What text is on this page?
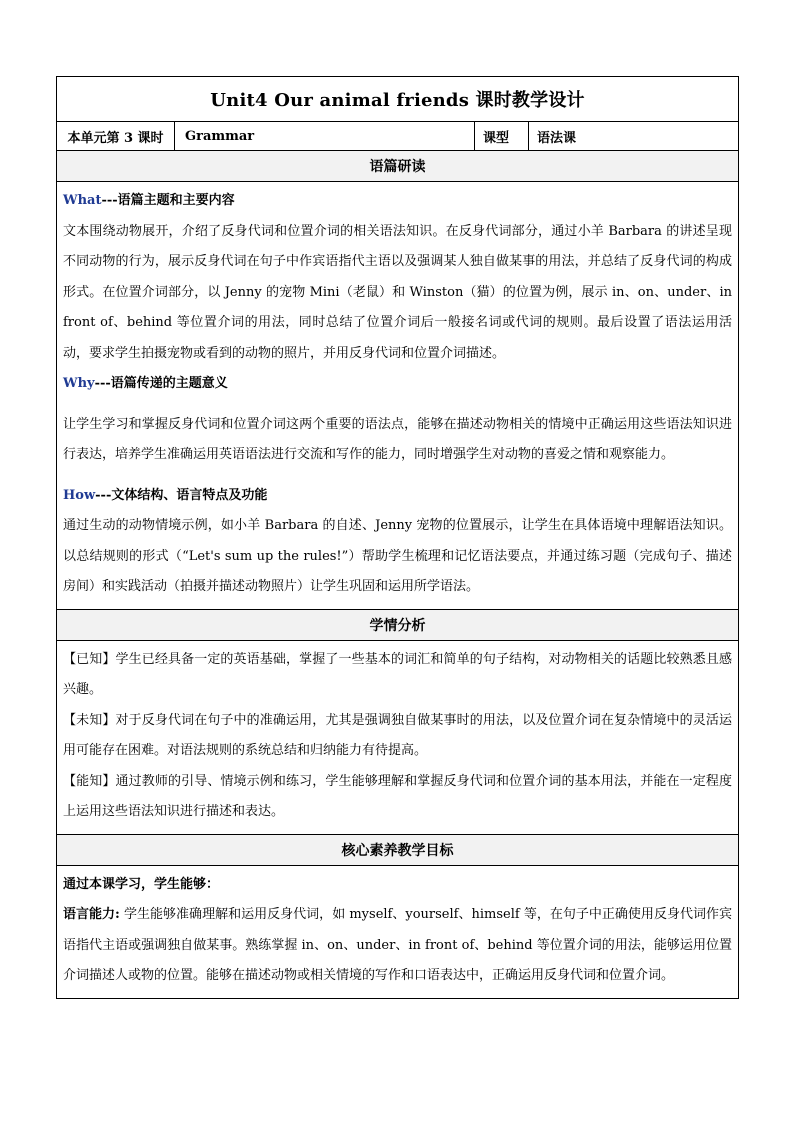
Unit4 Our animal friends 课时教学设计
本单元第 3 课时	Grammar	课型	语法课
语篇研读

What---语篇主题和主要内容

文本围绕动物展开，介绍了反身代词和位置介词的相关语法知识。在反身代词部分，通过小羊 Barbara 的讲述呈现不同动物的行为，展示反身代词在句子中作宾语指代主语以及强调某人独自做某事的用法，并总结了反身代词的构成形式。在位置介词部分，以 Jenny 的宠物 Mini（老鼠）和 Winston（猫）的位置为例，展示 in、on、under、in front of、behind 等位置介词的用法，同时总结了位置介词后一般接名词或代词的规则。最后设置了语法运用活动，要求学生拍摄宠物或看到的动物的照片，并用反身代词和位置介词描述。

Why---语篇传递的主题意义

让学生学习和掌握反身代词和位置介词这两个重要的语法点，能够在描述动物相关的情境中正确运用这些语法知识进行表达，培养学生准确运用英语语法进行交流和写作的能力，同时增强学生对动物的喜爱之情和观察能力。

How---文体结构、语言特点及功能

通过生动的动物情境示例，如小羊 Barbara 的自述、Jenny 宠物的位置展示，让学生在具体语境中理解语法知识。以总结规则的形式（“Let's sum up the rules!”）帮助学生梳理和记忆语法要点，并通过练习题（完成句子、描述房间）和实践活动（拍摄并描述动物照片）让学生巩固和运用所学语法。

学情分析

【已知】学生已经具备一定的英语基础，掌握了一些基本的词汇和简单的句子结构，对动物相关的话题比较熟悉且感兴趣。

【未知】对于反身代词在句子中的准确运用，尤其是强调独自做某事时的用法，以及位置介词在复杂情境中的灵活运用可能存在困难。对语法规则的系统总结和归纳能力有待提高。

【能知】通过教师的引导、情境示例和练习，学生能够理解和掌握反身代词和位置介词的基本用法，并能在一定程度上运用这些语法知识进行描述和表达。

核心素养教学目标

通过本课学习，学生能够：

语言能力: 学生能够准确理解和运用反身代词，如 myself、yourself、himself 等，在句子中正确使用反身代词作宾语指代主语或强调独自做某事。熟练掌握 in、on、under、in front of、behind 等位置介词的用法，能够运用位置介词描述人或物的位置。能够在描述动物或相关情境的写作和口语表达中，正确运用反身代词和位置介词。
